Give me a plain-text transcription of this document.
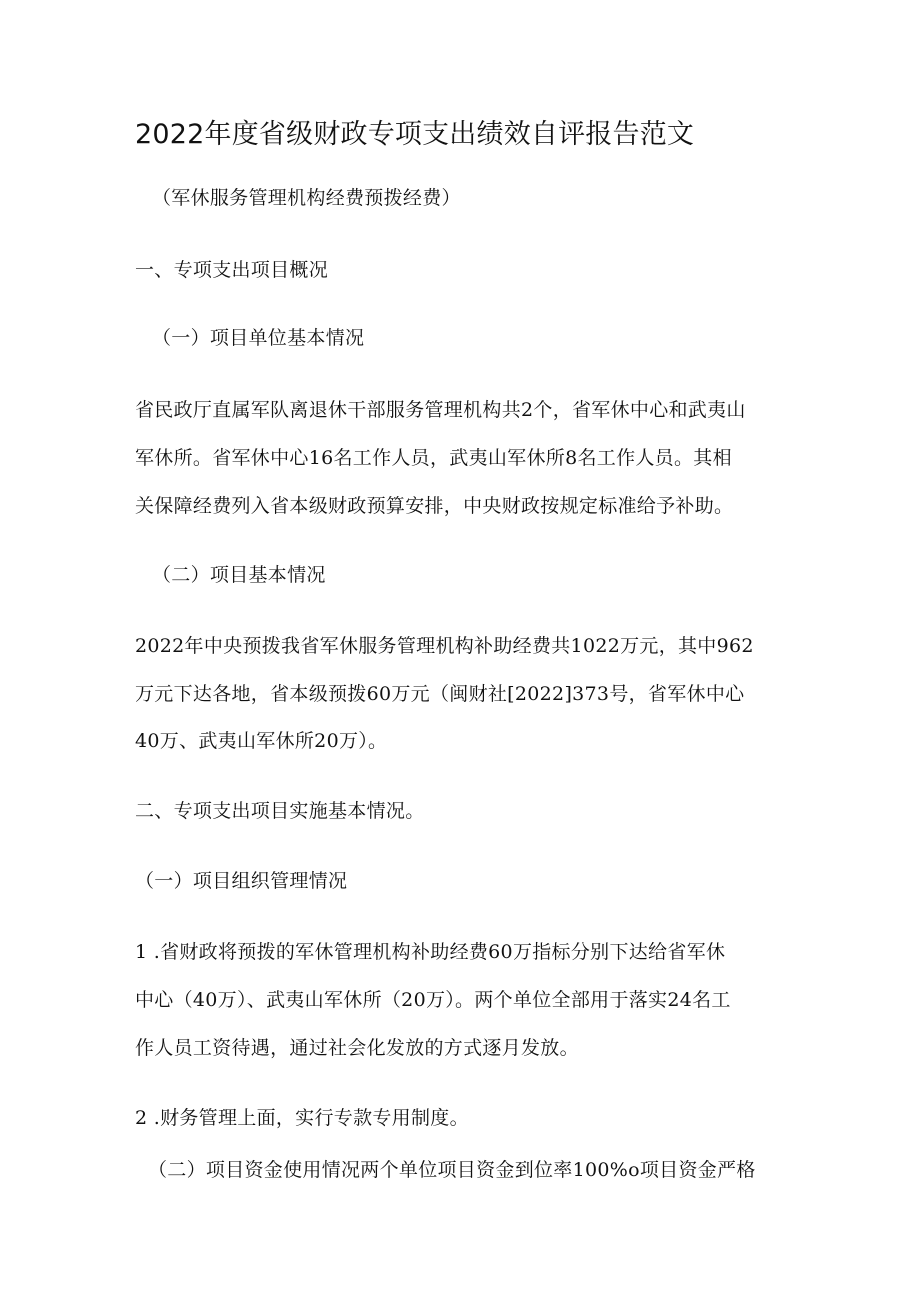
2022年度省级财政专项支出绩效自评报告范文
（军休服务管理机构经费预拨经费）
一、专项支出项目概况
（一）项目单位基本情况
省民政厅直属军队离退休干部服务管理机构共2个，省军休中心和武夷山
军休所。省军休中心16名工作人员，武夷山军休所8名工作人员。其相
关保障经费列入省本级财政预算安排，中央财政按规定标准给予补助。
（二）项目基本情况
2022年中央预拨我省军休服务管理机构补助经费共1022万元，其中962
万元下达各地，省本级预拨60万元（闽财社[2022]373号，省军休中心
40万、武夷山军休所20万）。
二、专项支出项目实施基本情况。
（一）项目组织管理情况
1 .省财政将预拨的军休管理机构补助经费60万指标分别下达给省军休
中心（40万）、武夷山军休所（20万）。两个单位全部用于落实24名工
作人员工资待遇，通过社会化发放的方式逐月发放。
2 .财务管理上面，实行专款专用制度。
（二）项目资金使用情况两个单位项目资金到位率100%o项目资金严格
